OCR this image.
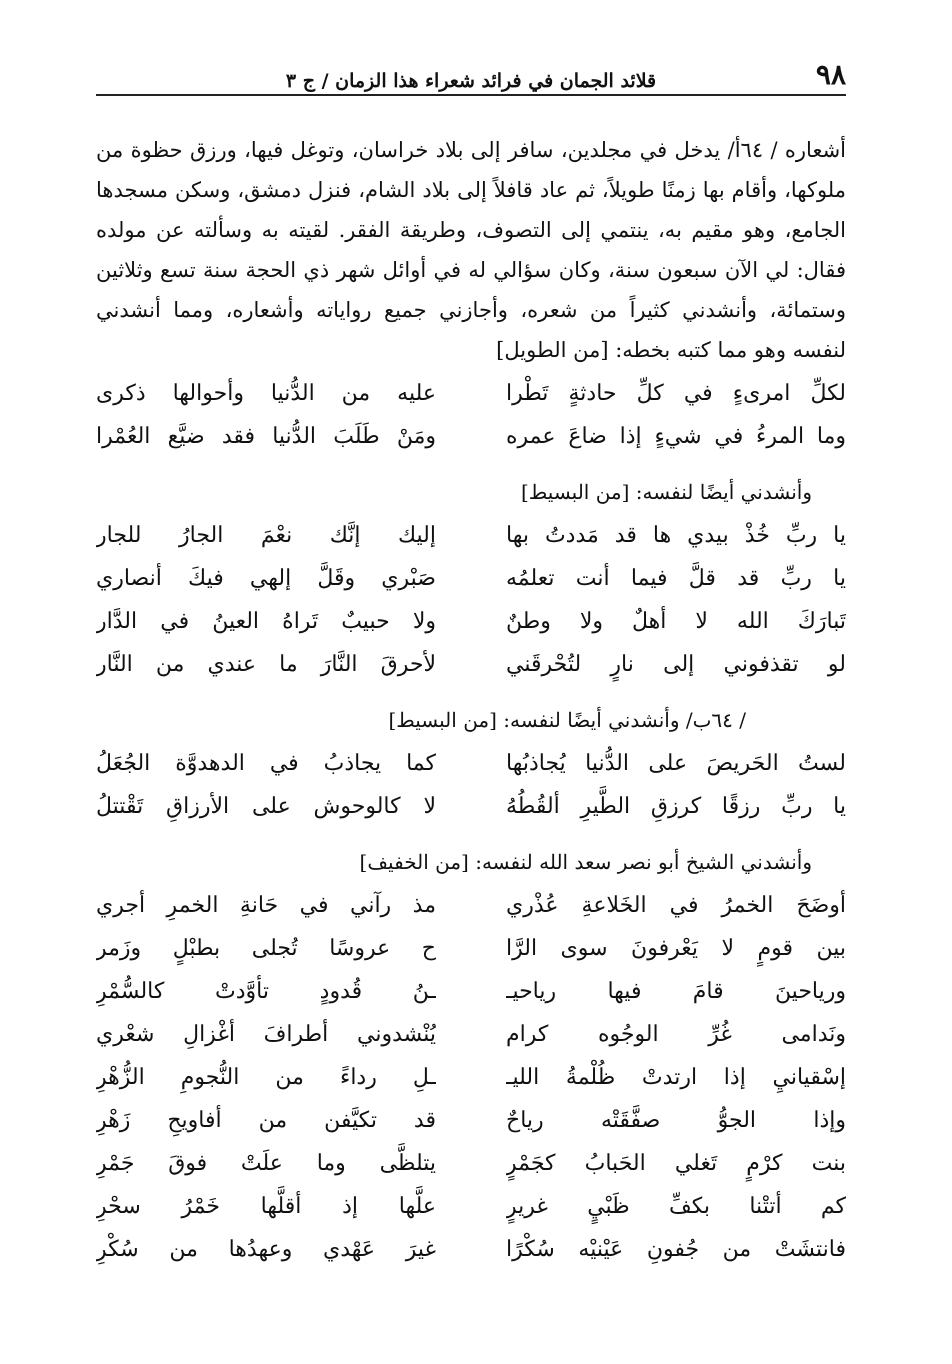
٩٨
قلائد الجمان في فرائد شعراء هذا الزمان / ج ٣

أشعاره / ٦٤أ/ يدخل في مجلدين، سافر إلى بلاد خراسان، وتوغل فيها، ورزق حظوة من ملوكها، وأقام بها زمنًا طويلاً، ثم عاد قافلاً إلى بلاد الشام، فنزل دمشق، وسكن مسجدها الجامع، وهو مقيم به، ينتمي إلى التصوف، وطريقة الفقر. لقيته به وسألته عن مولده فقال: لي الآن سبعون سنة، وكان سؤالي له في أوائل شهر ذي الحجة سنة تسع وثلاثين وستمائة، وأنشدني كثيراً من شعره، وأجازني جميع رواياته وأشعاره، ومما أنشدني لنفسه وهو مما كتبه بخطه: [من الطويل]

لكلِّ امرىءٍ في كلِّ حادثةٍ تَطْرا
عليه من الدُّنيا وأحوالها ذكرى
وما المرءُ في شيءٍ إذا ضاعَ عمره
ومَنْ طَلَبَ الدُّنيا فقد ضيَّع العُمْرا
وأنشدني أيضًا لنفسه: [من البسيط]
يا ربِّ خُذْ بيدي ها قد مَددتُ بها
إليك إنَّك نعْمَ الجارُ للجار
يا ربِّ قد قلَّ فيما أنت تعلمُه
صَبْري وقَلَّ إلهي فيكَ أنصاري
تَبارَكَ الله لا أهلٌ ولا وطنٌ
ولا حبيبٌ تَراهُ العينُ في الدَّار
لو تقذفوني إلى نارٍ لتُحْرقَني
لأحرقَ النَّارَ ما عندي من النَّار
/ ٦٤ب/ وأنشدني أيضًا لنفسه: [من البسيط]
لستُ الحَريصَ على الدُّنيا يُجاذبُها
كما يجاذبُ في الدهدوَّة الجُعَلُ
يا ربِّ رزقًا كرزقِ الطَّيرِ ألقُطُهُ
لا كالوحوش على الأرزاقِ تَقْتتلُ
وأنشدني الشيخ أبو نصر سعد الله لنفسه: [من الخفيف]
أوضَحَ الخمرُ في الخَلاعةِ عُذْري
مذ رآني في حَانةِ الخمرِ أجري
بين قومٍ لا يَعْرفونَ سوى الرَّا
ح عروسًا تُجلى بطبْلٍ وزَمر
ورياحينَ قامَ فيها رياحيـ
ـنُ قُدودٍ تأوَّدتْ كالسُّمْرِ
ونَدامى غُرِّ الوجُوه كرام
يُنْشدوني أطرافَ أغْزالِ شعْري
إسْقيانيِ إذا ارتدتْ ظُلْمةُ الليـ
ـلِ رداءً من النُّجومِ الزُّهْرِ
وإذا الجوُّ صفَّقَتْه رياحٌ
قد تكيَّفن من أفاويحِ زَهْرِ
بنت كرْمٍ تَغلي الحَبابُ كجَمْرٍ
يتلظَّى وما علَتْ فوقَ جَمْرِ
كم أتتْنا بكفِّ ظَبْيٍ غريرٍ
علَّها إذ أقلَّها خَمْرُ سحْرِ
فانتشَتْ من جُفونِ عَيْنيْه سُكْرًا
غيرَ عَهْدي وعهدُها من سُكْرِ
